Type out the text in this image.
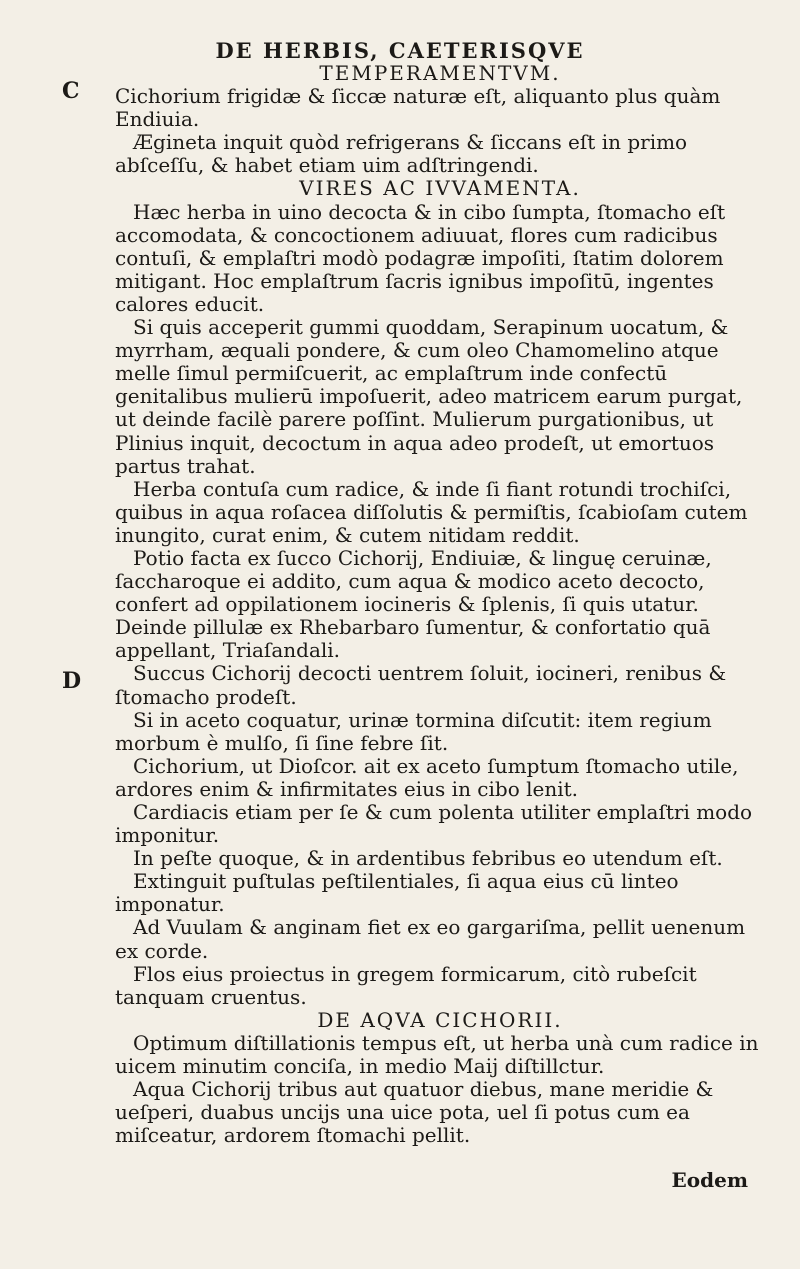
DE HERBIS, CAETERISQVE
C
D

TEMPERAMENTVM.

Cichorium frigidæ & ſiccæ naturæ eſt, aliquanto plus quàm Endiuia.

Ægineta inquit quòd refrigerans & ſiccans eſt in primo abſceſſu, & habet etiam uim adſtringendi.

VIRES AC IVVAMENTA.

Hæc herba in uino decocta & in cibo ſumpta, ſtomacho eſt accomodata, & concoctionem adiuuat, flores cum radicibus contuſi, & emplaſtri modò podagræ impoſiti, ſtatim dolorem mitigant. Hoc emplaſtrum ſacris ignibus impoſitū, ingentes calores educit.

Si quis acceperit gummi quoddam, Serapinum uocatum, & myrrham, æquali pondere, & cum oleo Chamomelino atque melle ſimul permiſcuerit, ac emplaſtrum inde confectū genitalibus mulierū impoſuerit, adeo matricem earum purgat, ut deinde facilè parere poſſint. Mulierum purgationibus, ut Plinius inquit, decoctum in aqua adeo prodeſt, ut emortuos partus trahat.

Herba contuſa cum radice, & inde ſi fiant rotundi trochiſci, quibus in aqua roſacea diſſolutis & permiſtis, ſcabioſam cutem inungito, curat enim, & cutem nitidam reddit.

Potio facta ex ſucco Cichorij, Endiuiæ, & linguę ceruinæ, ſaccharoque ei addito, cum aqua & modico aceto decocto, confert ad oppilationem iocineris & ſplenis, ſi quis utatur. Deinde pillulæ ex Rhebarbaro ſumentur, & confortatio quā appellant, Triaſandali.

Succus Cichorij decocti uentrem ſoluit, iocineri, renibus & ſtomacho prodeſt.

Si in aceto coquatur, urinæ tormina diſcutit: item regium morbum è mulſo, ſi ſine febre ſit.

Cichorium, ut Dioſcor. ait ex aceto ſumptum ſtomacho utile, ardores enim & infirmitates eius in cibo lenit.

Cardiacis etiam per ſe & cum polenta utiliter emplaſtri modo imponitur.

In peſte quoque, & in ardentibus febribus eo utendum eſt.

Extinguit puſtulas peſtilentiales, ſi aqua eius cū linteo imponatur.

Ad Vuulam & anginam fiet ex eo gargariſma, pellit uenenum ex corde.

Flos eius proiectus in gregem formicarum, citò rubeſcit tanquam cruentus.

DE AQVA CICHORII.

Optimum diſtillationis tempus eſt, ut herba unà cum radice in uicem minutim conciſa, in medio Maij diſtillctur.

Aqua Cichorij tribus aut quatuor diebus, mane meridie & ueſperi, duabus uncijs una uice pota, uel ſi potus cum ea miſceatur, ardorem ſtomachi pellit.

Eodem
